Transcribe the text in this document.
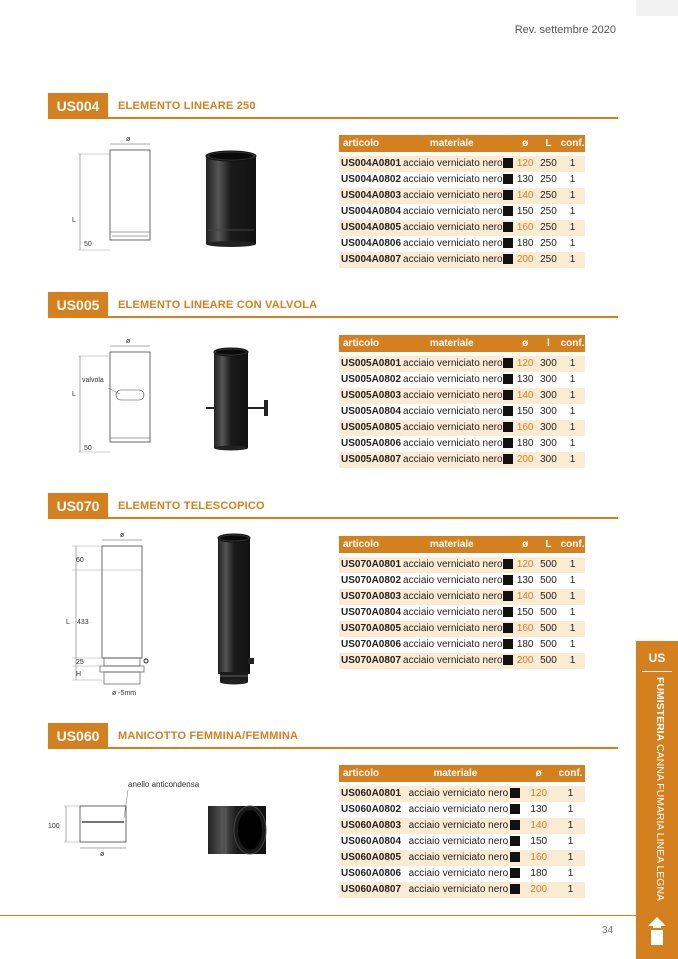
Rev. settembre 2020
US004	ELEMENTO LINEARE 250
ø
L
50
articolo	materiale		ø	L	conf.

US004A0801	acciaio verniciato nero		120	250	1
US004A0802	acciaio verniciato nero		130	250	1
US004A0803	acciaio verniciato nero		140	250	1
US004A0804	acciaio verniciato nero		150	250	1
US004A0805	acciaio verniciato nero		160	250	1
US004A0806	acciaio verniciato nero		180	250	1
US004A0807	acciaio verniciato nero		200	250	1
US005	ELEMENTO LINEARE CON VALVOLA
ø
valvola
L
50
articolo	materiale		ø	l	conf.

US005A0801	acciaio verniciato nero		120	300	1
US005A0802	acciaio verniciato nero		130	300	1
US005A0803	acciaio verniciato nero		140	300	1
US005A0804	acciaio verniciato nero		150	300	1
US005A0805	acciaio verniciato nero		160	300	1
US005A0806	acciaio verniciato nero		180	300	1
US005A0807	acciaio verniciato nero		200	300	1
US070	ELEMENTO TELESCOPICO
ø
60
L 433
25
H
ø -5mm
articolo	materiale		ø	L	conf.

US070A0801	acciaio verniciato nero		120	500	1
US070A0802	acciaio verniciato nero		130	500	1
US070A0803	acciaio verniciato nero		140	500	1
US070A0804	acciaio verniciato nero		150	500	1
US070A0805	acciaio verniciato nero		160	500	1
US070A0806	acciaio verniciato nero		180	500	1
US070A0807	acciaio verniciato nero		200	500	1
US060	MANICOTTO FEMMINA/FEMMINA
anello anticondensa
100
ø
articolo	materiale		ø	conf.

US060A0801	acciaio verniciato nero		120	1
US060A0802	acciaio verniciato nero		130	1
US060A0803	acciaio verniciato nero		140	1
US060A0804	acciaio verniciato nero		150	1
US060A0805	acciaio verniciato nero		160	1
US060A0806	acciaio verniciato nero		180	1
US060A0807	acciaio verniciato nero		200	1
34
US
FUMISTERIA CANNA FUMARIA LINEA LEGNA
